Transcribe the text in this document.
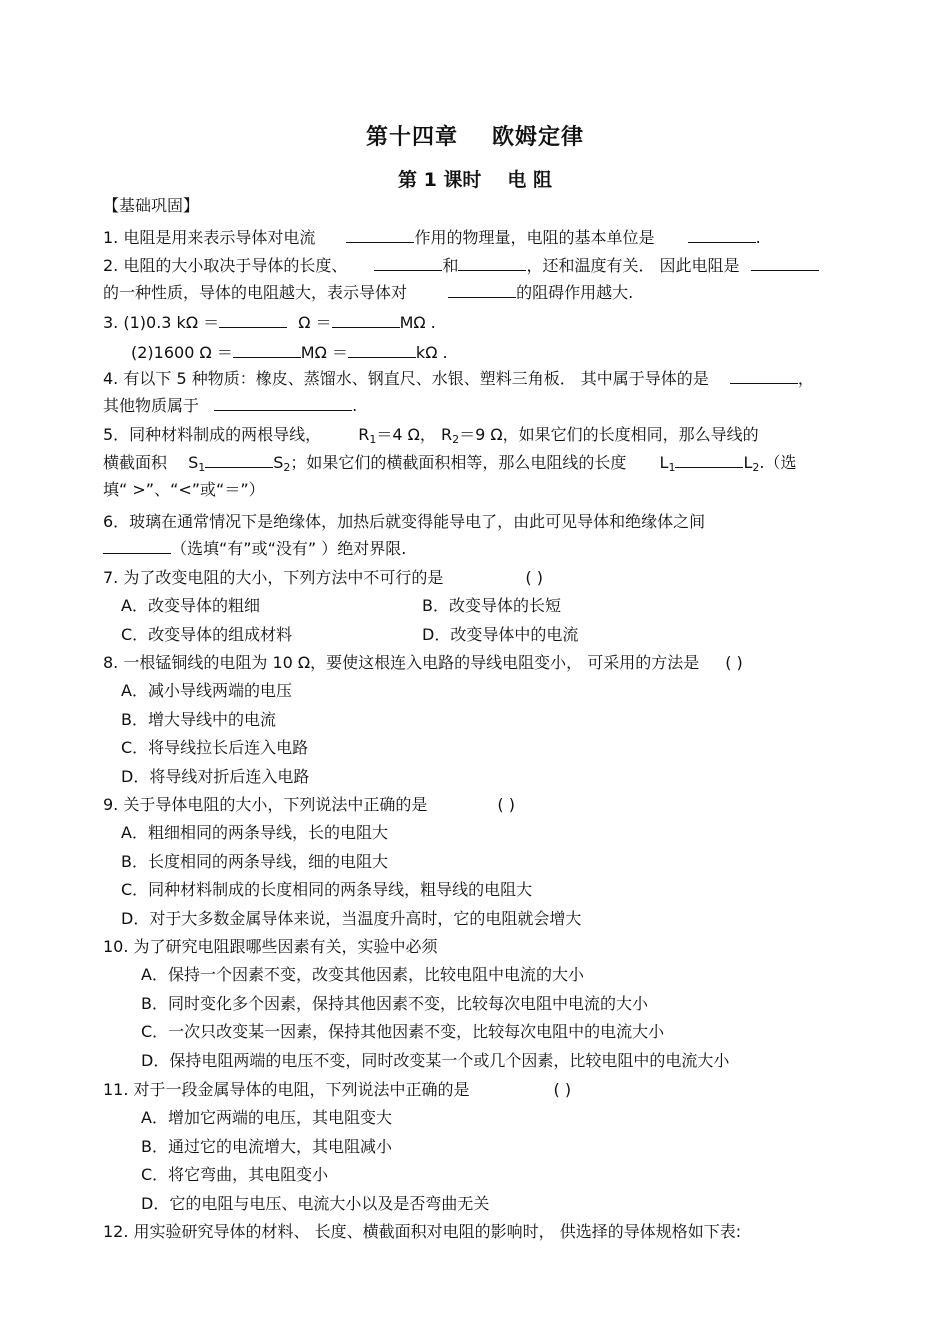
第十四章 欧姆定律
第 1 课时 电 阻
【基础巩固】
1. 电阻是用来表示导体对电流	作用的物理量，电阻的基本单位是	.
2. 电阻的大小取决于导体的长度、	和	，还和温度有关． 因此电阻是
的一种性质，导体的电阻越大，表示导体对	的阻碍作用越大.
3. (1)0.3 kΩ ＝	Ω ＝	MΩ .
(2)1600 Ω ＝	MΩ ＝	kΩ .
4. 有以下 5 种物质：橡皮、蒸馏水、钢直尺、水银、塑料三角板． 其中属于导体的是	，
其他物质属于	.
5．同种材料制成的两根导线， $R_1=4$ Ω， $R_2=9$ Ω，如果它们的长度相同，那么导线的
横截面积 $S_1$	$S_2$；如果它们的横截面积相等，那么电阻线的长度 $L_1$	$L_2$.（选
填“ >”、“<”或“＝”）
6．玻璃在通常情况下是绝缘体，加热后就变得能导电了，由此可见导体和绝缘体之间
（选填“有”或“没有” ）绝对界限.
7. 为了改变电阻的大小，下列方法中不可行的是	( )
A．改变导体的粗细	B．改变导体的长短
C．改变导体的组成材料	D．改变导体中的电流
8. 一根锰铜线的电阻为 10 Ω，要使这根连入电路的导线电阻变小， 可采用的方法是 ( )
A．减小导线两端的电压
B．增大导线中的电流
C．将导线拉长后连入电路
D．将导线对折后连入电路
9. 关于导体电阻的大小，下列说法中正确的是	( )
A．粗细相同的两条导线，长的电阻大
B．长度相同的两条导线，细的电阻大
C．同种材料制成的长度相同的两条导线，粗导线的电阻大
D．对于大多数金属导体来说，当温度升高时，它的电阻就会增大
10. 为了研究电阻跟哪些因素有关，实验中必须
A．保持一个因素不变，改变其他因素，比较电阻中电流的大小
B．同时变化多个因素，保持其他因素不变，比较每次电阻中电流的大小
C．一次只改变某一因素，保持其他因素不变，比较每次电阻中的电流大小
D．保持电阻两端的电压不变，同时改变某一个或几个因素，比较电阻中的电流大小
11. 对于一段金属导体的电阻，下列说法中正确的是	( )
A．增加它两端的电压，其电阻变大
B．通过它的电流增大，其电阻减小
C．将它弯曲，其电阻变小
D．它的电阻与电压、电流大小以及是否弯曲无关
12. 用实验研究导体的材料、 长度、横截面积对电阻的影响时， 供选择的导体规格如下表:
